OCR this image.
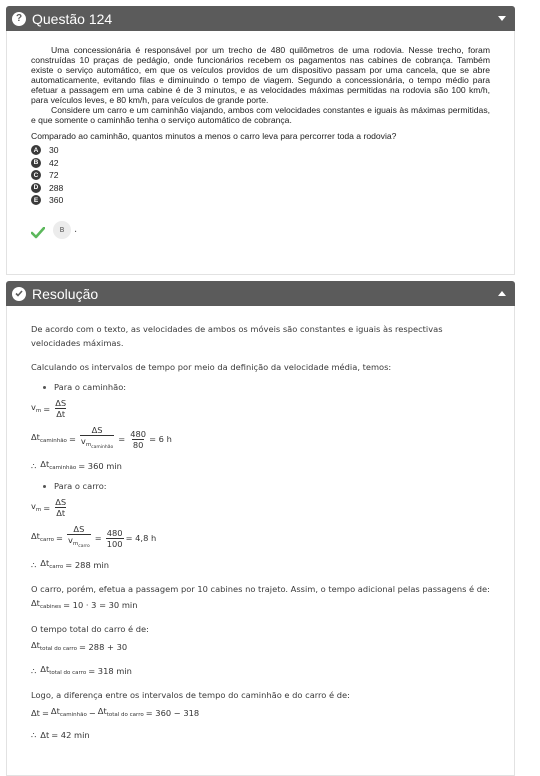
? Questão 124

Uma concessionária é responsável por um trecho de 480 quilômetros de uma rodovia. Nesse trecho, foram construídas 10 praças de pedágio, onde funcionários recebem os pagamentos nas cabines de cobrança. Também existe o serviço automático, em que os veículos providos de um dispositivo passam por uma cancela, que se abre automaticamente, evitando filas e diminuindo o tempo de viagem. Segundo a concessionária, o tempo médio para efetuar a passagem em uma cabine é de 3 minutos, e as velocidades máximas permitidas na rodovia são 100 km/h, para veículos leves, e 80 km/h, para veículos de grande porte.

Considere um carro e um caminhão viajando, ambos com velocidades constantes e iguais às máximas permitidas, e que somente o caminhão tenha o serviço automático de cobrança.

Comparado ao caminhão, quantos minutos a menos o carro leva para percorrer toda a rodovia?
A	30
B	42
C	72
D	288
E	360
B .
Resolução

De acordo com o texto, as velocidades de ambos os móveis são constantes e iguais às respectivas velocidades máximas.

Calculando os intervalos de tempo por meio da definição da velocidade média, temos:

Para o caminhão:
$v_m = \frac{\Delta S}{\Delta t}$
$\Delta t_{caminhão} = \frac{\Delta S}{v_{m_{caminhão}}} = \frac{480}{80} = 6$ h
∴ $\Delta t_{caminhão} = 360$ min
Para o carro:
$v_m = \frac{\Delta S}{\Delta t}$
$\Delta t_{carro} = \frac{\Delta S}{v_{m_{carro}}} = \frac{480}{100} = 4,8$ h
∴ $\Delta t_{carro} = 288$ min

O carro, porém, efetua a passagem por 10 cabines no trajeto. Assim, o tempo adicional pelas passagens é de:

$\Delta t_{cabines} = 10 \cdot 3 = 30$ min

O tempo total do carro é de:

$\Delta t_{total do carro} = 288 + 30$
∴ $\Delta t_{total do carro} = 318$ min

Logo, a diferença entre os intervalos de tempo do caminhão e do carro é de:

$\Delta t = \Delta t_{caminhão} - \Delta t_{total do carro} = 360 - 318$
∴ Δt = 42 min
